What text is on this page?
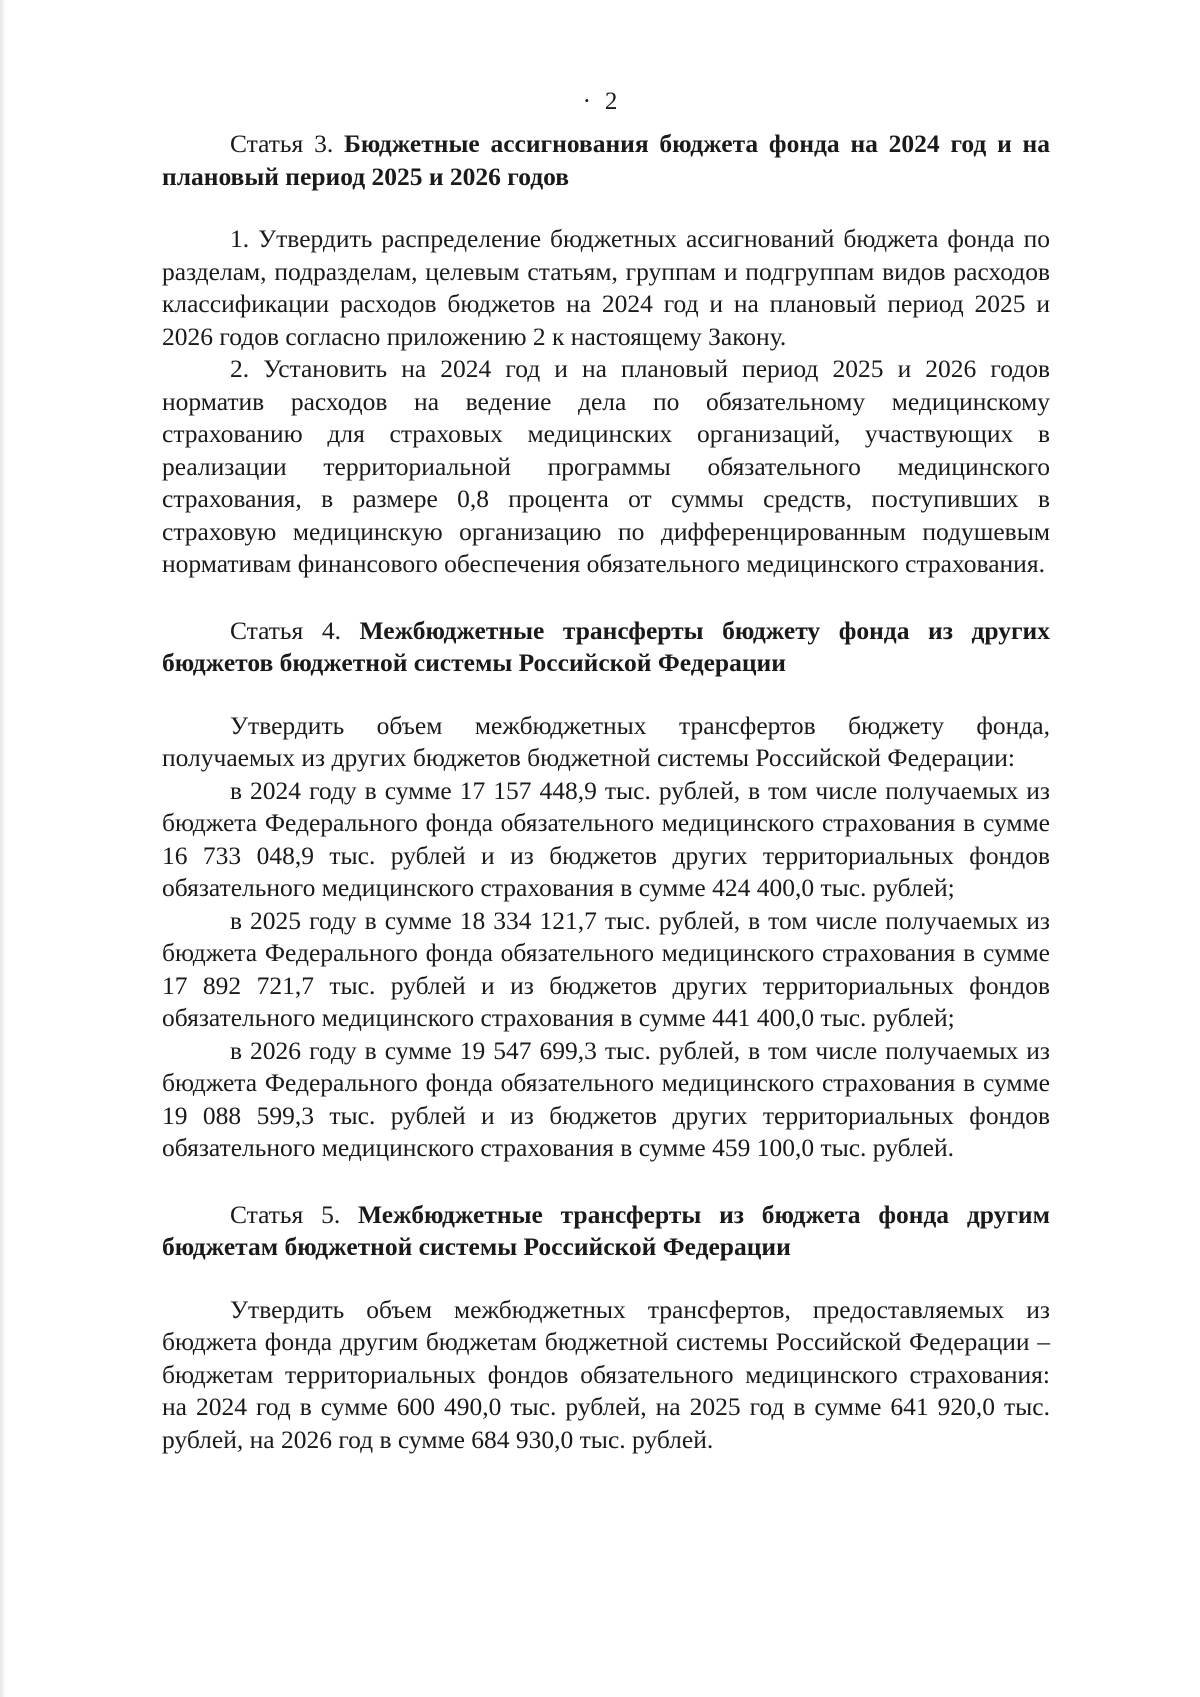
· 2

Статья 3. Бюджетные ассигнования бюджета фонда на 2024 год и на плановый период 2025 и 2026 годов

1. Утвердить распределение бюджетных ассигнований бюджета фонда по разделам, подразделам, целевым статьям, группам и подгруппам видов расходов классификации расходов бюджетов на 2024 год и на плановый период 2025 и 2026 годов согласно приложению 2 к настоящему Закону.

2. Установить на 2024 год и на плановый период 2025 и 2026 годов норматив расходов на ведение дела по обязательному медицинскому страхованию для страховых медицинских организаций, участвующих в реализации территориальной программы обязательного медицинского страхования, в размере 0,8 процента от суммы средств, поступивших в страховую медицинскую организацию по дифференцированным подушевым нормативам финансового обеспечения обязательного медицинского страхования.

Статья 4. Межбюджетные трансферты бюджету фонда из других бюджетов бюджетной системы Российской Федерации

Утвердить объем межбюджетных трансфертов бюджету фонда, получаемых из других бюджетов бюджетной системы Российской Федерации:

в 2024 году в сумме 17 157 448,9 тыс. рублей, в том числе получаемых из бюджета Федерального фонда обязательного медицинского страхования в сумме 16 733 048,9 тыс. рублей и из бюджетов других территориальных фондов обязательного медицинского страхования в сумме 424 400,0 тыс. рублей;

в 2025 году в сумме 18 334 121,7 тыс. рублей, в том числе получаемых из бюджета Федерального фонда обязательного медицинского страхования в сумме 17 892 721,7 тыс. рублей и из бюджетов других территориальных фондов обязательного медицинского страхования в сумме 441 400,0 тыс. рублей;

в 2026 году в сумме 19 547 699,3 тыс. рублей, в том числе получаемых из бюджета Федерального фонда обязательного медицинского страхования в сумме 19 088 599,3 тыс. рублей и из бюджетов других территориальных фондов обязательного медицинского страхования в сумме 459 100,0 тыс. рублей.

Статья 5. Межбюджетные трансферты из бюджета фонда другим бюджетам бюджетной системы Российской Федерации

Утвердить объем межбюджетных трансфертов, предоставляемых из бюджета фонда другим бюджетам бюджетной системы Российской Федерации – бюджетам территориальных фондов обязательного медицинского страхования: на 2024 год в сумме 600 490,0 тыс. рублей, на 2025 год в сумме 641 920,0 тыс. рублей, на 2026 год в сумме 684 930,0 тыс. рублей.
